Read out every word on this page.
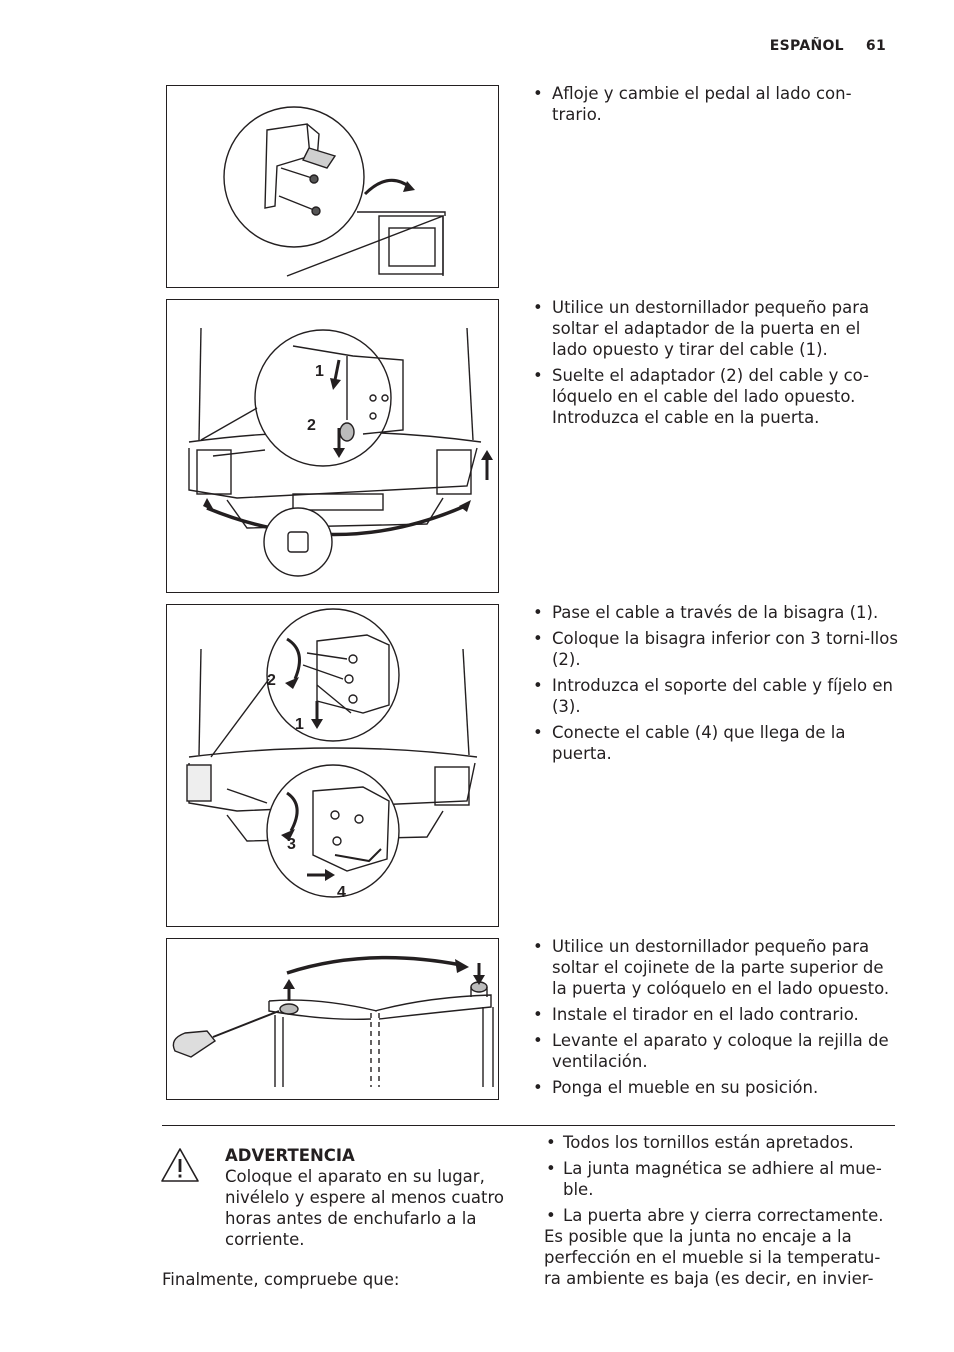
ESPAÑOL 61
• Afloje y cambie el pedal al lado con-trario.
1
2
• Utilice un destornillador pequeño para soltar el adaptador de la puerta en el lado opuesto y tirar del cable (1).
• Suelte el adaptador (2) del cable y co-lóquelo en el cable del lado opuesto. Introduzca el cable en la puerta.
2
1
3
4
• Pase el cable a través de la bisagra (1).
• Coloque la bisagra inferior con 3 torni-llos (2).
• Introduzca el soporte del cable y fíjelo en (3).
• Conecte el cable (4) que llega de la puerta.
• Utilice un destornillador pequeño para soltar el cojinete de la parte superior de la puerta y colóquelo en el lado opuesto.
• Instale el tirador en el lado contrario.
• Levante el aparato y coloque la rejilla de ventilación.
• Ponga el mueble en su posición.
ADVERTENCIA
Coloque el aparato en su lugar, nivélelo y espere al menos cuatro horas antes de enchufarlo a la corriente.
Finalmente, compruebe que:
• Todos los tornillos están apretados.
• La junta magnética se adhiere al mue-ble.
• La puerta abre y cierra correctamente.

Es posible que la junta no encaje a la perfección en el mueble si la temperatu-ra ambiente es baja (es decir, en invier-
